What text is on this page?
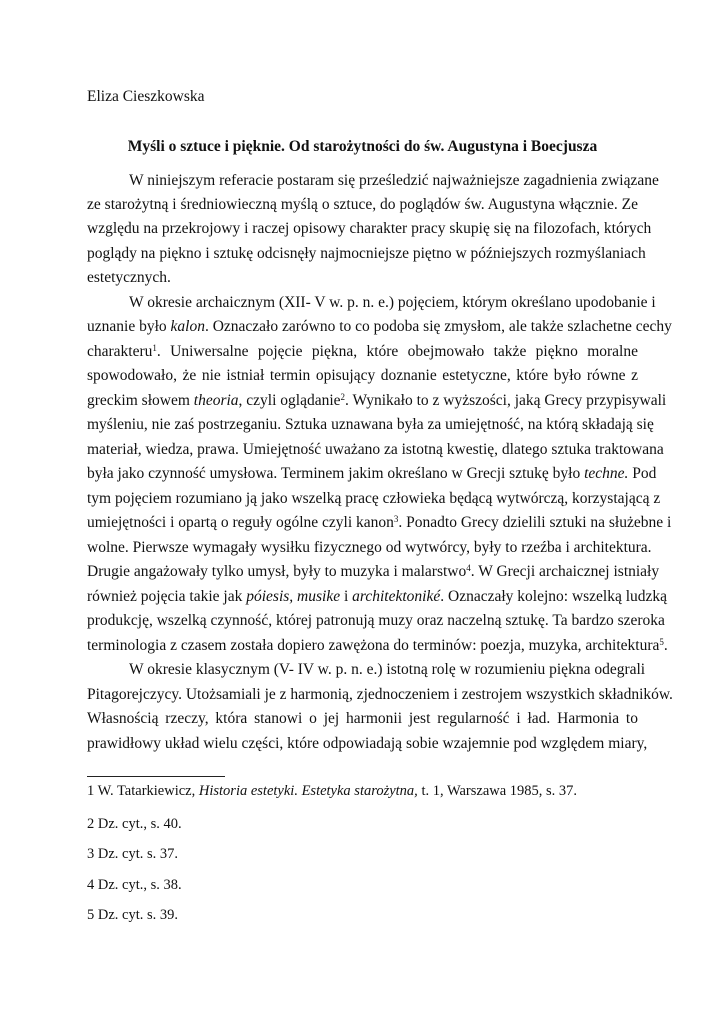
Eliza Cieszkowska
Myśli o sztuce i pięknie. Od starożytności do św. Augustyna i Boecjusza
W niniejszym referacie postaram się prześledzić najważniejsze zagadnienia związane
ze starożytną i średniowieczną myślą o sztuce, do poglądów św. Augustyna włącznie. Ze
względu na przekrojowy i raczej opisowy charakter pracy skupię się na filozofach, których
poglądy na piękno i sztukę odcisnęły najmocniejsze piętno w późniejszych rozmyślaniach
estetycznych.
W okresie archaicznym (XII- V w. p. n. e.) pojęciem, którym określano upodobanie i
uznanie było kalon. Oznaczało zarówno to co podoba się zmysłom, ale także szlachetne cechy
charakteru$^1$. Uniwersalne pojęcie piękna, które obejmowało także piękno moralne
spowodowało, że nie istniał termin opisujący doznanie estetyczne, które było równe z
greckim słowem theoria, czyli oglądanie$^2$. Wynikało to z wyższości, jaką Grecy przypisywali
myśleniu, nie zaś postrzeganiu. Sztuka uznawana była za umiejętność, na którą składają się
materiał, wiedza, prawa. Umiejętność uważano za istotną kwestię, dlatego sztuka traktowana
była jako czynność umysłowa. Terminem jakim określano w Grecji sztukę było techne. Pod
tym pojęciem rozumiano ją jako wszelką pracę człowieka będącą wytwórczą, korzystającą z
umiejętności i opartą o reguły ogólne czyli kanon$^3$. Ponadto Grecy dzielili sztuki na służebne i
wolne. Pierwsze wymagały wysiłku fizycznego od wytwórcy, były to rzeźba i architektura.
Drugie angażowały tylko umysł, były to muzyka i malarstwo$^4$. W Grecji archaicznej istniały
również pojęcia takie jak póiesis, musike i architektoniké. Oznaczały kolejno: wszelką ludzką
produkcję, wszelką czynność, której patronują muzy oraz naczelną sztukę. Ta bardzo szeroka
terminologia z czasem została dopiero zawężona do terminów: poezja, muzyka, architektura$^5$.
W okresie klasycznym (V- IV w. p. n. e.) istotną rolę w rozumieniu piękna odegrali
Pitagorejczycy. Utożsamiali je z harmonią, zjednoczeniem i zestrojem wszystkich składników.
Własnością rzeczy, która stanowi o jej harmonii jest regularność i ład. Harmonia to
prawidłowy układ wielu części, które odpowiadają sobie wzajemnie pod względem miary,
1 W. Tatarkiewicz, Historia estetyki. Estetyka starożytna, t. 1, Warszawa 1985, s. 37.
2 Dz. cyt., s. 40.
3 Dz. cyt. s. 37.
4 Dz. cyt., s. 38.
5 Dz. cyt. s. 39.
